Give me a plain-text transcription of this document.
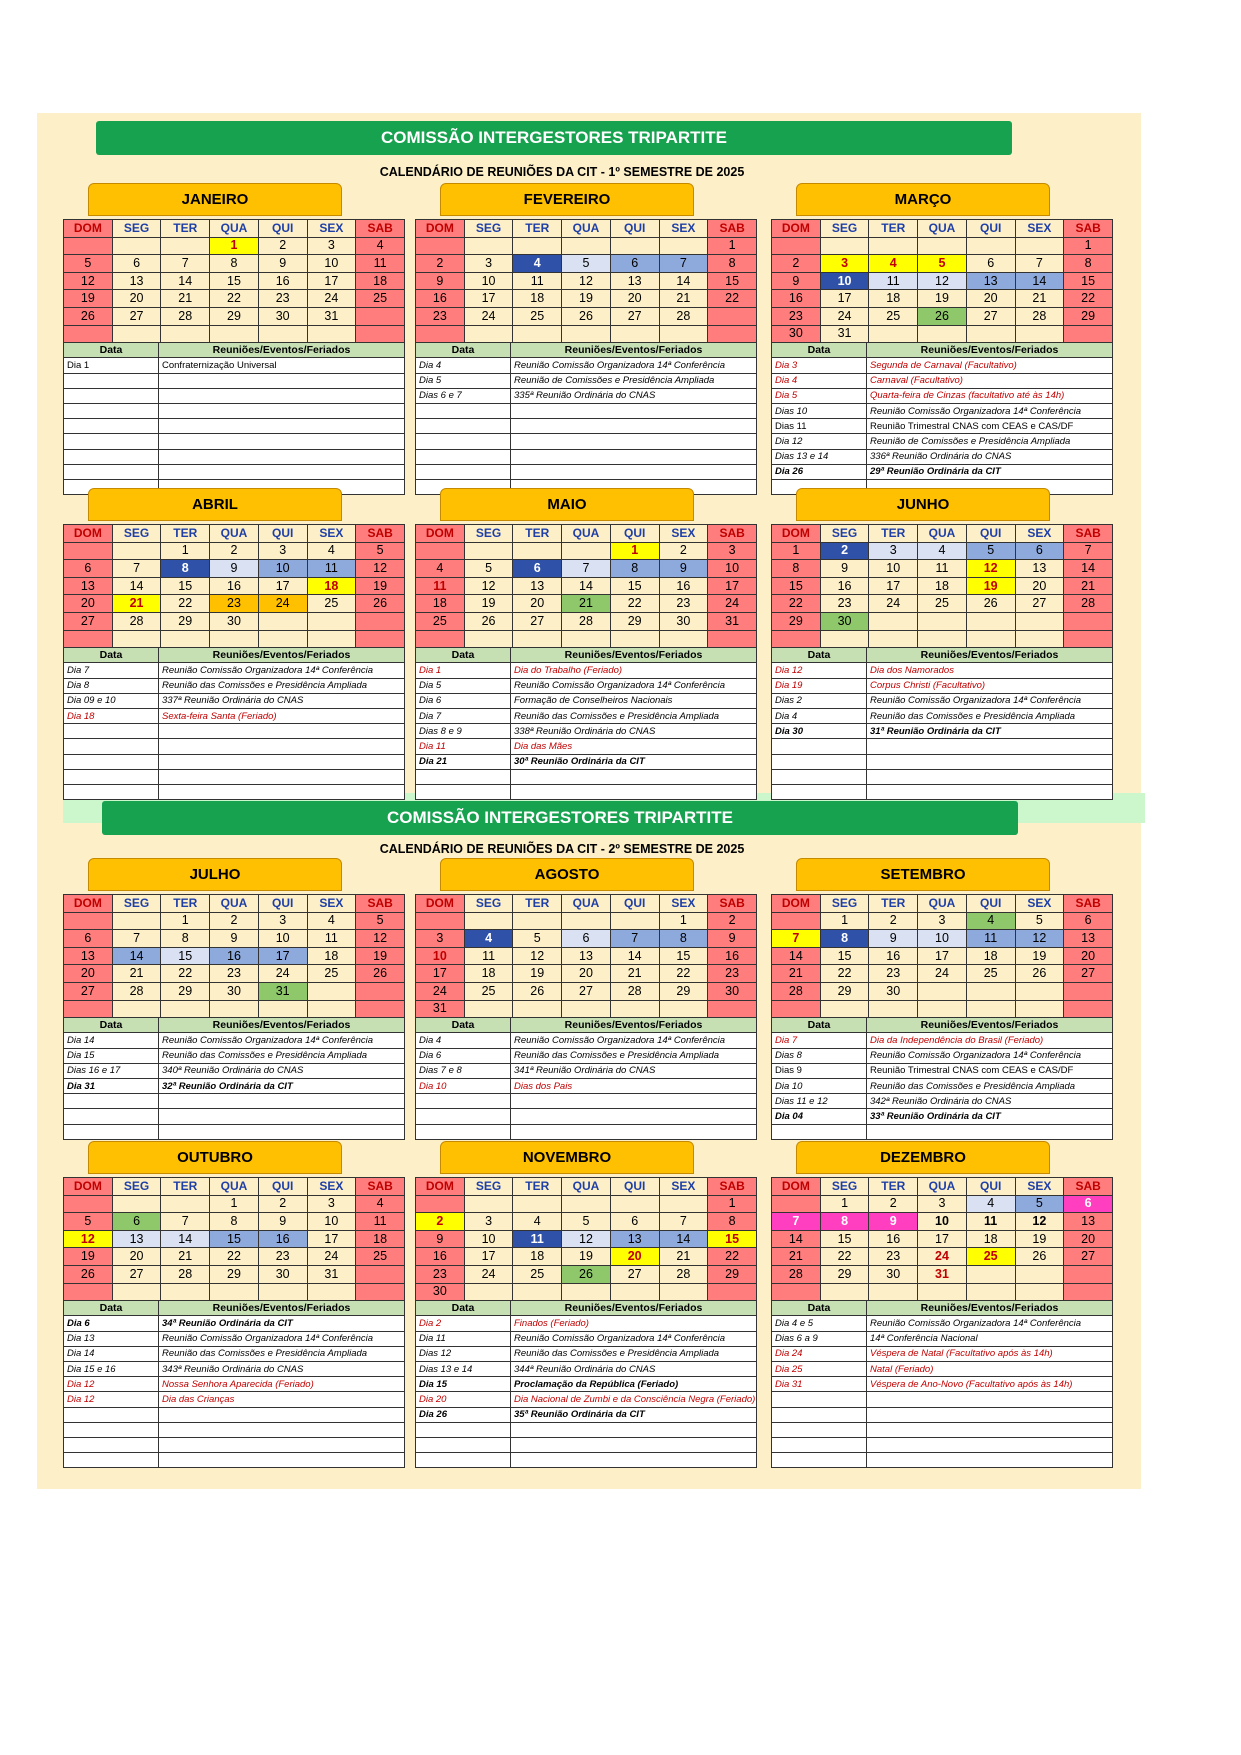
COMISSÃO INTERGESTORES TRIPARTITE
CALENDÁRIO DE REUNIÕES DA CIT - 1º SEMESTRE DE 2025
COMISSÃO INTERGESTORES TRIPARTITE
CALENDÁRIO DE REUNIÕES DA CIT - 2º SEMESTRE DE 2025
JANEIRO
DOM	SEG	TER	QUA	QUI	SEX	SAB
			1	2	3	4
5	6	7	8	9	10	11
12	13	14	15	16	17	18
19	20	21	22	23	24	25
26	27	28	29	30	31	

Data	Reuniões/Eventos/Feriados
Dia 1	Confraternização Universal

FEVEREIRO
DOM	SEG	TER	QUA	QUI	SEX	SAB
						1
2	3	4	5	6	7	8
9	10	11	12	13	14	15
16	17	18	19	20	21	22
23	24	25	26	27	28	

Data	Reuniões/Eventos/Feriados
Dia 4	Reunião Comissão Organizadora 14ª Conferência
Dia 5	Reunião de Comissões e Presidência Ampliada
Dias 6 e 7	335ª Reunião Ordinária do CNAS

MARÇO
DOM	SEG	TER	QUA	QUI	SEX	SAB
						1
2	3	4	5	6	7	8
9	10	11	12	13	14	15
16	17	18	19	20	21	22
23	24	25	26	27	28	29
30	31					
Data	Reuniões/Eventos/Feriados
Dia 3	Segunda de Carnaval (Facultativo)
Dia 4	Carnaval (Facultativo)
Dia 5	Quarta-feira de Cinzas (facultativo até às 14h)
Dias 10	Reunião Comissão Organizadora 14ª Conferência
Dias 11	Reunião Trimestral CNAS com CEAS e CAS/DF
Dia 12	Reunião de Comissões e Presidência Ampliada
Dias 13 e 14	336ª Reunião Ordinária do CNAS
Dia 26	29ª Reunião Ordinária da CIT

ABRIL
DOM	SEG	TER	QUA	QUI	SEX	SAB
		1	2	3	4	5
6	7	8	9	10	11	12
13	14	15	16	17	18	19
20	21	22	23	24	25	26
27	28	29	30			

Data	Reuniões/Eventos/Feriados
Dia 7	Reunião Comissão Organizadora 14ª Conferência
Dia 8	Reunião das Comissões e Presidência Ampliada
Dia 09 e 10	337ª Reunião Ordinária do CNAS
Dia 18	Sexta-feira Santa (Feriado)

MAIO
DOM	SEG	TER	QUA	QUI	SEX	SAB
				1	2	3
4	5	6	7	8	9	10
11	12	13	14	15	16	17
18	19	20	21	22	23	24
25	26	27	28	29	30	31

Data	Reuniões/Eventos/Feriados
Dia 1	Dia do Trabalho (Feriado)
Dia 5	Reunião Comissão Organizadora 14ª Conferência
Dia 6	Formação de Conselheiros Nacionais
Dia 7	Reunião das Comissões e Presidência Ampliada
Dias 8 e 9	338ª Reunião Ordinária do CNAS
Dia 11	Dia das Mães
Dia 21	30ª Reunião Ordinária da CIT

JUNHO
DOM	SEG	TER	QUA	QUI	SEX	SAB
1	2	3	4	5	6	7
8	9	10	11	12	13	14
15	16	17	18	19	20	21
22	23	24	25	26	27	28
29	30					

Data	Reuniões/Eventos/Feriados
Dia 12	Dia dos Namorados
Dia 19	Corpus Christi (Facultativo)
Dias 2	Reunião Comissão Organizadora 14ª Conferência
Dia 4	Reunião das Comissões e Presidência Ampliada
Dia 30	31ª Reunião Ordinária da CIT

JULHO
DOM	SEG	TER	QUA	QUI	SEX	SAB
		1	2	3	4	5
6	7	8	9	10	11	12
13	14	15	16	17	18	19
20	21	22	23	24	25	26
27	28	29	30	31		

Data	Reuniões/Eventos/Feriados
Dia 14	Reunião Comissão Organizadora 14ª Conferência
Dia 15	Reunião das Comissões e Presidência Ampliada
Dias 16 e 17	340ª Reunião Ordinária do CNAS
Dia 31	32ª Reunião Ordinária da CIT

AGOSTO
DOM	SEG	TER	QUA	QUI	SEX	SAB
					1	2
3	4	5	6	7	8	9
10	11	12	13	14	15	16
17	18	19	20	21	22	23
24	25	26	27	28	29	30
31						
Data	Reuniões/Eventos/Feriados
Dia 4	Reunião Comissão Organizadora 14ª Conferência
Dia 6	Reunião das Comissões e Presidência Ampliada
Dias 7 e 8	341ª Reunião Ordinária do CNAS
Dia 10	Dias dos Pais

SETEMBRO
DOM	SEG	TER	QUA	QUI	SEX	SAB
	1	2	3	4	5	6
7	8	9	10	11	12	13
14	15	16	17	18	19	20
21	22	23	24	25	26	27
28	29	30				

Data	Reuniões/Eventos/Feriados
Dia 7	Dia da Independência do Brasil (Feriado)
Dias 8	Reunião Comissão Organizadora 14ª Conferência
Dias 9	Reunião Trimestral CNAS com CEAS e CAS/DF
Dia 10	Reunião das Comissões e Presidência Ampliada
Dias 11 e 12	342ª Reunião Ordinária do CNAS
Dia 04	33ª Reunião Ordinária da CIT

OUTUBRO
DOM	SEG	TER	QUA	QUI	SEX	SAB
			1	2	3	4
5	6	7	8	9	10	11
12	13	14	15	16	17	18
19	20	21	22	23	24	25
26	27	28	29	30	31	

Data	Reuniões/Eventos/Feriados
Dia 6	34ª Reunião Ordinária da CIT
Dia 13	Reunião Comissão Organizadora 14ª Conferência
Dia 14	Reunião das Comissões e Presidência Ampliada
Dia 15 e 16	343ª Reunião Ordinária do CNAS
Dia 12	Nossa Senhora Aparecida (Feriado)
Dia 12	Dia das Crianças

NOVEMBRO
DOM	SEG	TER	QUA	QUI	SEX	SAB
						1
2	3	4	5	6	7	8
9	10	11	12	13	14	15
16	17	18	19	20	21	22
23	24	25	26	27	28	29
30						
Data	Reuniões/Eventos/Feriados
Dia 2	Finados (Feriado)
Dia 11	Reunião Comissão Organizadora 14ª Conferência
Dias 12	Reunião das Comissões e Presidência Ampliada
Dias 13 e 14	344ª Reunião Ordinária do CNAS
Dia 15	Proclamação da República (Feriado)
Dia 20	Dia Nacional de Zumbi e da Consciência Negra (Feriado)
Dia 26	35ª Reunião Ordinária da CIT

DEZEMBRO
DOM	SEG	TER	QUA	QUI	SEX	SAB
	1	2	3	4	5	6
7	8	9	10	11	12	13
14	15	16	17	18	19	20
21	22	23	24	25	26	27
28	29	30	31			

Data	Reuniões/Eventos/Feriados
Dia 4 e 5	Reunião Comissão Organizadora 14ª Conferência
Dias 6 a 9	14ª Conferência Nacional
Dia 24	Véspera de Natal (Facultativo após às 14h)
Dia 25	Natal (Feriado)
Dia 31	Véspera de Ano-Novo (Facultativo após às 14h)
